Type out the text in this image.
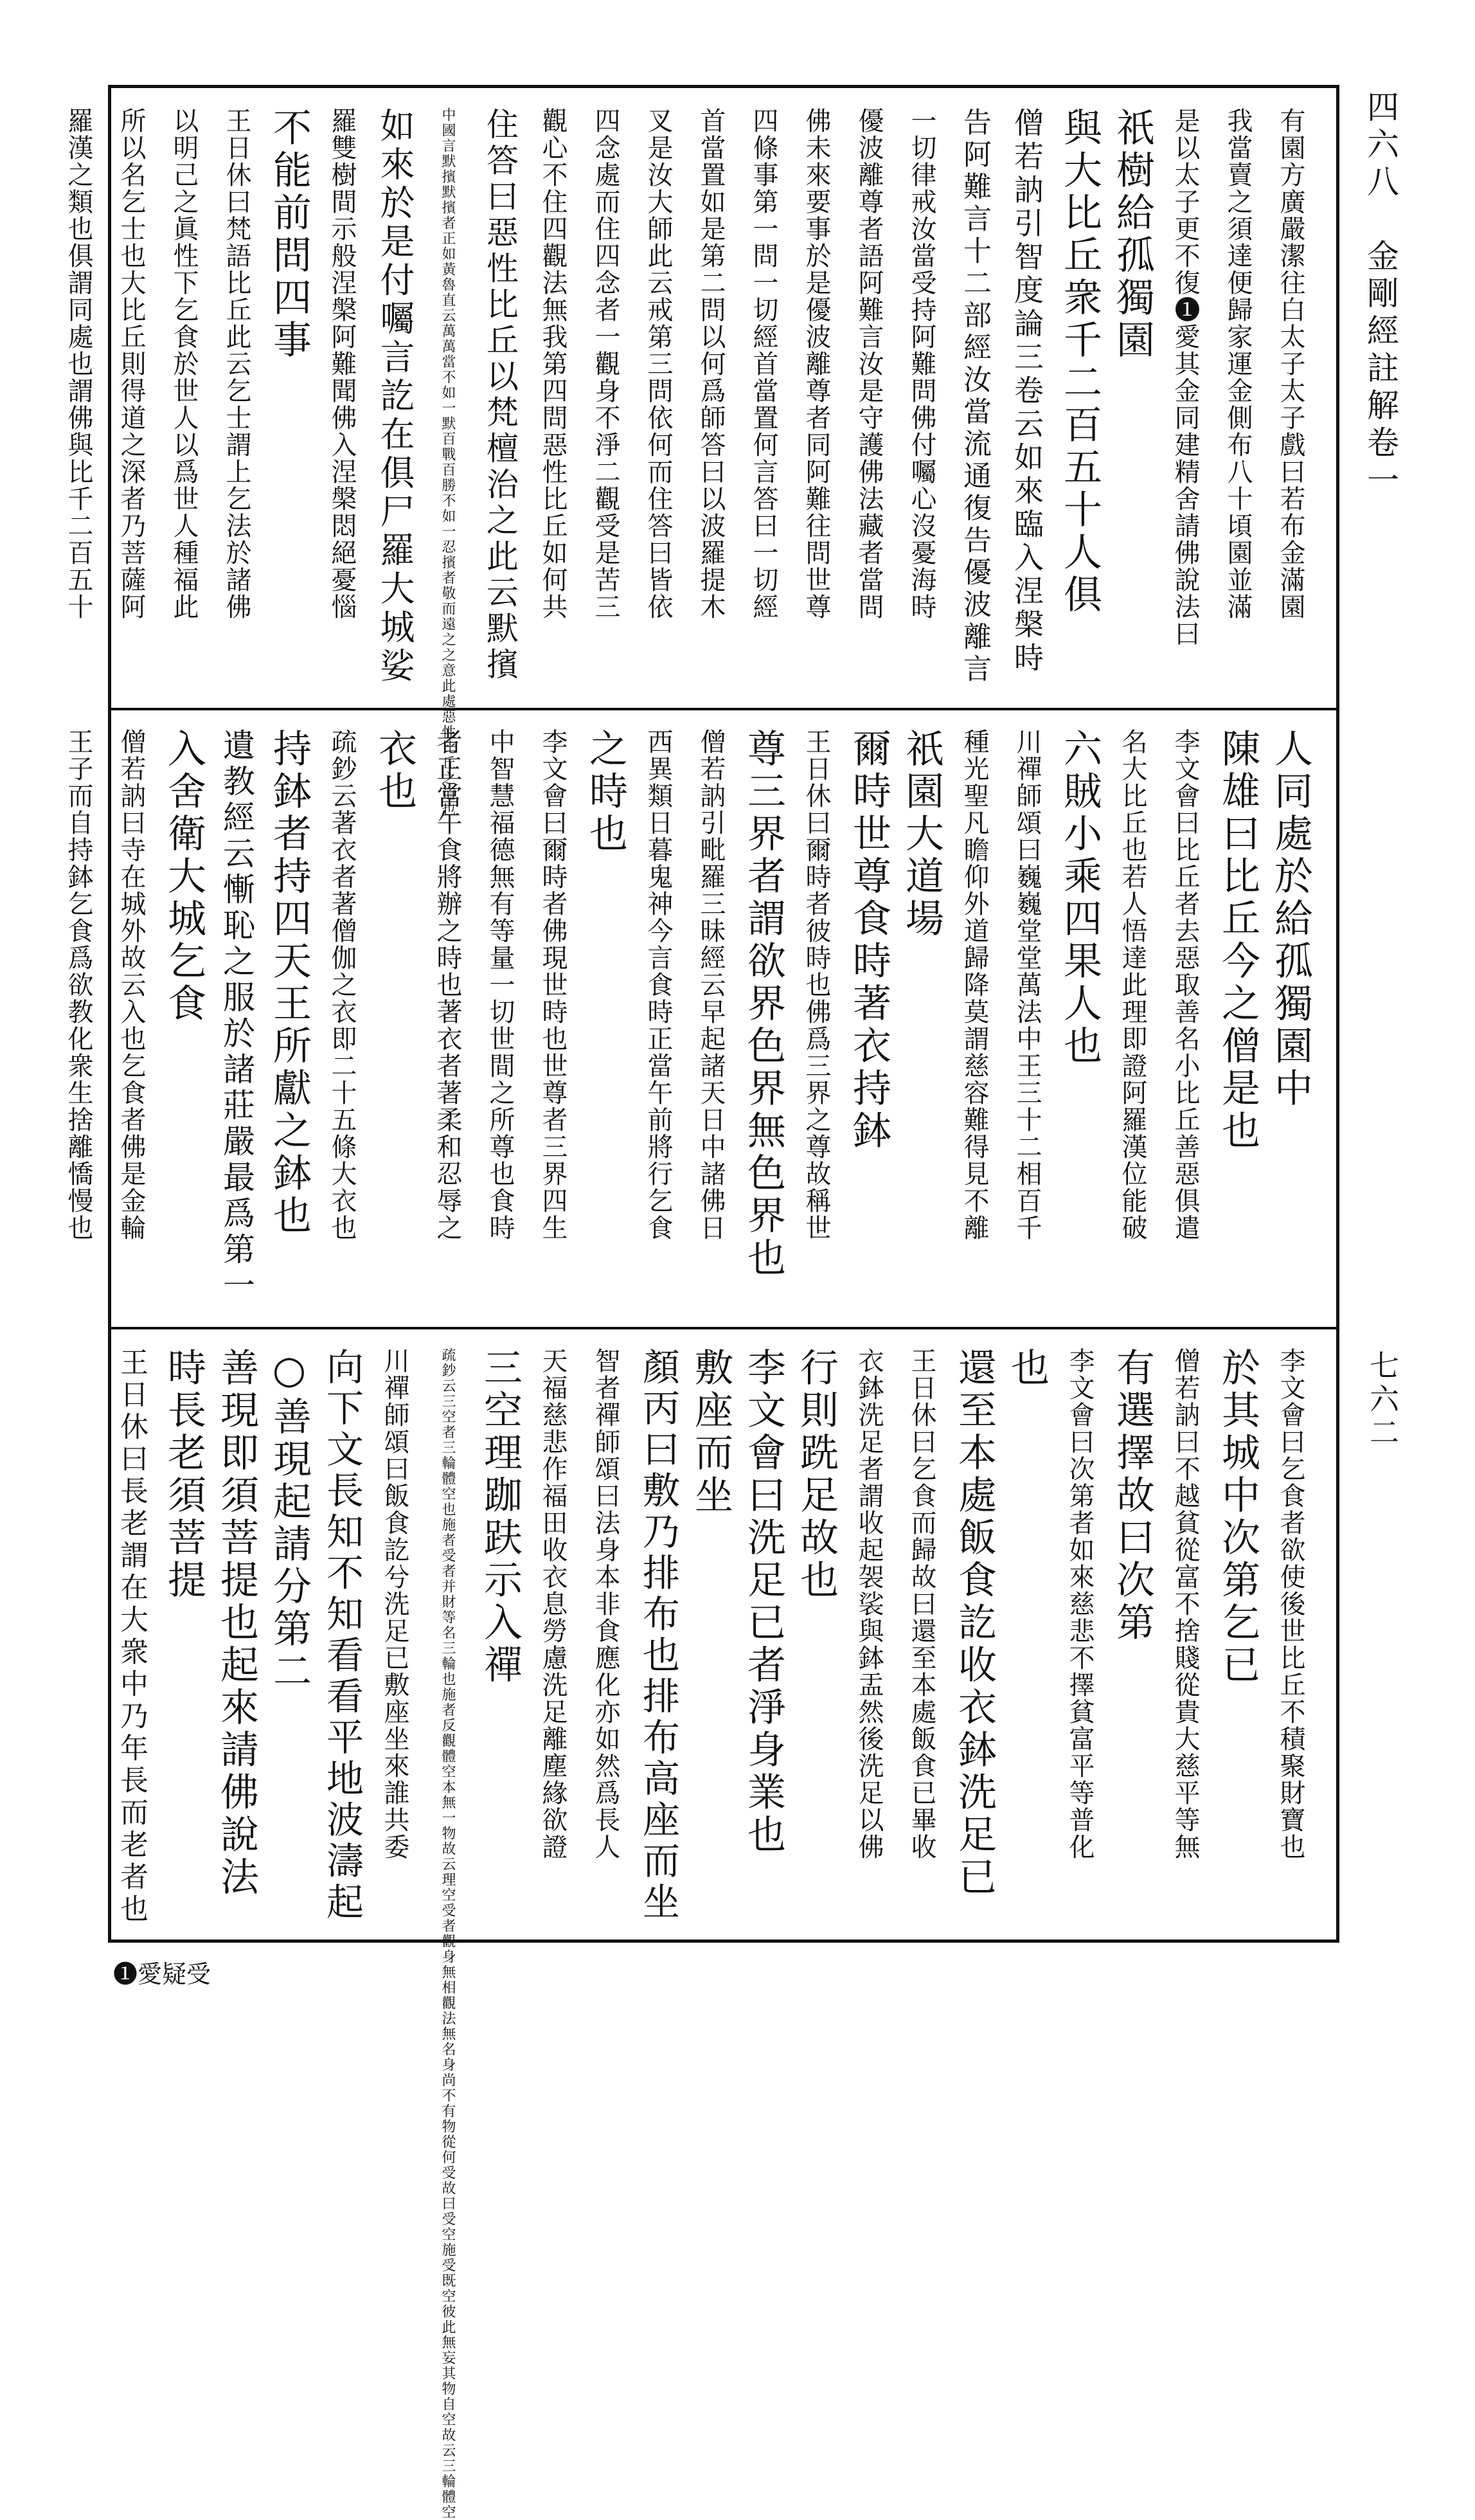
四六八　金剛經註解卷一
七六二
有園方廣嚴潔往白太子太子戲曰若布金滿園
我當賣之須達便歸家運金側布八十頃園並滿
是以太子更不復❶愛其金同建精舍請佛說法曰
祇樹給孤獨園
與大比丘衆千二百五十人俱
僧若訥引智度論三卷云如來臨入涅槃時
告阿難言十二部經汝當流通復告優波離言
一切律戒汝當受持阿難問佛付囑心沒憂海時
優波離尊者語阿難言汝是守護佛法藏者當問
佛未來要事於是優波離尊者同阿難往問世尊
四條事第一問一切經首當置何言答曰一切經
首當置如是第二問以何爲師答曰以波羅提木
叉是汝大師此云戒第三問依何而住答曰皆依
四念處而住四念者一觀身不淨二觀受是苦三
觀心不住四觀法無我第四問惡性比丘如何共
住答曰惡性比丘以梵檀治之此云默擯
中國言默擯默擯者正如黃魯直云萬萬當不如一默百戰百勝不如一忍擯者敬而遠之之意此處惡性比丘之道也
如來於是付囑言訖在俱尸羅大城娑
羅雙樹間示般涅槃阿難聞佛入涅槃悶絕憂惱
不能前問四事
王日休曰梵語比丘此云乞士謂上乞法於諸佛
以明己之眞性下乞食於世人以爲世人種福此
所以名乞士也大比丘則得道之深者乃菩薩阿
羅漢之類也俱謂同處也謂佛與比千二百五十
人同處於給孤獨園中
陳雄曰比丘今之僧是也
李文會曰比丘者去惡取善名小比丘善惡俱遣
名大比丘也若人悟達此理即證阿羅漢位能破
六賊小乘四果人也
川禪師頌曰巍巍堂堂萬法中王三十二相百千
種光聖凡瞻仰外道歸降莫謂慈容難得見不離
祇園大道場
爾時世尊食時著衣持鉢
王日休曰爾時者彼時也佛爲三界之尊故稱世
尊三界者謂欲界色界無色界也
僧若訥引毗羅三昧經云早起諸天日中諸佛日
西異類日暮鬼神今言食時正當午前將行乞食
之時也
李文會曰爾時者佛現世時也世尊者三界四生
中智慧福德無有等量一切世間之所尊也食時
者正當午食將辦之時也著衣者著柔和忍辱之
衣也
疏鈔云著衣者著僧伽之衣即二十五條大衣也
持鉢者持四天王所獻之鉢也
遺教經云慚恥之服於諸莊嚴最爲第一
入舍衛大城乞食
僧若訥曰寺在城外故云入也乞食者佛是金輪
王子而自持鉢乞食爲欲教化衆生捨離憍慢也
李文會曰乞食者欲使後世比丘不積聚財寶也
於其城中次第乞已
僧若訥曰不越貧從富不捨賤從貴大慈平等無
有選擇故曰次第
李文會曰次第者如來慈悲不擇貧富平等普化
也
還至本處飯食訖收衣鉢洗足已
王日休曰乞食而歸故曰還至本處飯食已畢收
衣鉢洗足者謂收起袈裟與鉢盂然後洗足以佛
行則跣足故也
李文會曰洗足已者淨身業也
敷座而坐
顏丙曰敷乃排布也排布高座而坐
智者禪師頌曰法身本非食應化亦如然爲長人
天福慈悲作福田收衣息勞慮洗足離塵緣欲證
三空理跏趺示入禪
疏鈔云三空者三輪體空也施者受者并財等名三輪也施者反觀體空本無一物故云理空受者觀身無相觀法無名身尚不有物從何受故曰受空施受既空彼此無妄其物自空故云三輪體空
川禪師頌曰飯食訖兮洗足已敷座坐來誰共委
向下文長知不知看看平地波濤起
○善現起請分第二
善現即須菩提也起來請佛說法
時長老須菩提
王日休曰長老謂在大衆中乃年長而老者也
❶愛疑受
